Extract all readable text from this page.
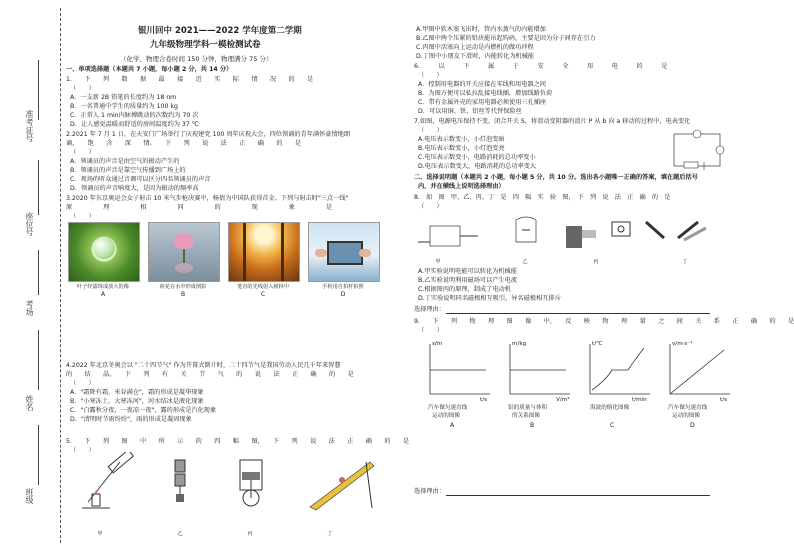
准考证号
座位号
考场
姓名
班级
银川回中 2021——2022 学年度第二学期
九年级物理学科一模检测试卷
（化学、物理合卷时间 150 分钟，物理满分 75 分）
一、单项选择题（本题共 7 小题，每小题 2 分，共 14 分）
1.　　下　　列　　数　　据　　最　　接　　近　　实　　际　　情　　况　　的　　是
（　　）
A．一支新 2B 铅笔的长度约为 18 nm
B．一名普通中学生的质量约为 100 kg
C．正常人 1 min内脉搏跳动的次数约为 70 次
D．让人感觉温暖而舒适的房间温度约为 37 ℃
2.2021 年 7 月 1 日，在天安门广场举行了庆祝建党 100 周年庆祝大会，四位领诵的青年满怀豪情地朗
诵，　　饱　　含　　深　　情。　　下　　列　　说　　法　　正　　确　　的　　是
（　　）
A．领诵员的声音是由空气的振动产生的
B．领诵员的声音是靠空气传播到广场上的
C．观场的听众通过音调可以区分四名领诵员的声音
D．领诵员的声音响度大，是因为振动的频率高
3.2020 年东京奥运会女子射击 10 米气步枪决赛中，杨倩为中国队获得首金。下列与射击时"三点一线"
原　　　　　理　　　　　相　　　　　同　　　　　的　　　　　现　　　　　象　　　　　是
（　　）
叶子经露珠成放大的像	荷花在水中形成倒影	笔直的光线射入树林中	手机用自拍杆拍照
A	B	C	D
4.2022 年北京冬奥会以 "二十四节气" 作为开幕式倒计时，二十四节气是我国劳动人民几千年来智慧
的　　结　　晶。　　下　　列　　有　　关　　节　　气　　的　　说　　法　　正　　确　　的　　是
（　　）
A．"霜降有霜，米谷满仓"，霜的形成是凝华现象
B．"小寒冻土，大寒冻河"，河水结冰是液化现象
C．"白露秋分夜，一夜凉一夜"，露的形成是汽化现象
D．"清明时节雨纷纷"，雨的形成是凝固现象
5.　　下　　列　　图　　中　　所　　示　　的　　四　　幅　　图，　　下　　列　　说　　法　　正　　确　　的　　是
（　　）
甲	乙	丙	丁
A.甲图中软木塞飞出时，管内水蒸气的内能增加
B.乙图中两个压紧的铅块能吊起钩码，主要是因为分子间存在引力
C.丙图中活塞向上运动是内燃机的做功冲程
D.丁图中小朋友下滑时，内能转化为机械能
6.　　　以　　　下　　　属　　　于　　　安　　　全　　　用　　　电　　　的　　　是
（　　）
A．控制用电器的开关应接在零线和用电器之间
B．为图方便可以私拉乱接电线插，增加线路负荷
C．带有金属外壳的家用电器必须使用三孔插座
D．可以用铜、铁、铝丝等代替保险丝
7.如图，电源电压保持不变，闭合开关 S，将滑动变阻器的滑片 P 从 b 向 a 移动的过程中，电表变化
（　　）
A.电压表示数变小，小灯泡变暗
B.电压表示数变小，小灯泡变亮
C.电压表示数变小，电路消耗的总功率变小
D.电压表示数变大，电路消耗的总功率变大
二、选择说明题（本题共 2 小题，每小题 5 分，共 10 分。选出各小题唯一正确的答案，填在题后括号
内，并在横线上说明选择理由）
8.　如　图　甲、乙、丙、丁　是　四　幅　实　验　图，　下　列　说　法　正　确　的　是
（　　）
甲	乙	丙	丁
A.甲实验说明电能可以转化为机械能
B.乙实验说明利用磁场可以产生电流
C.根据图丙的原理，制成了电动机
D.丁实验说明同名磁极相互吸引，异名磁极相互排斥
选择理由：
9.　　下　　列　　物　　理　　图　　像　　中，　　反　　映　　物　　理　　量　　之　　间　　关　　系　　正　　确　　的　　是
（　　）
s/m
t/s
汽车做匀速直线
运动的图像
A
m/kg
V/m³
铝的质量与体积
的关系图像
B
t/℃
t/min
海波的熔化图像
C
v/m·s⁻¹
t/s
汽车做匀速直线
运动的图像
D
选择理由：
